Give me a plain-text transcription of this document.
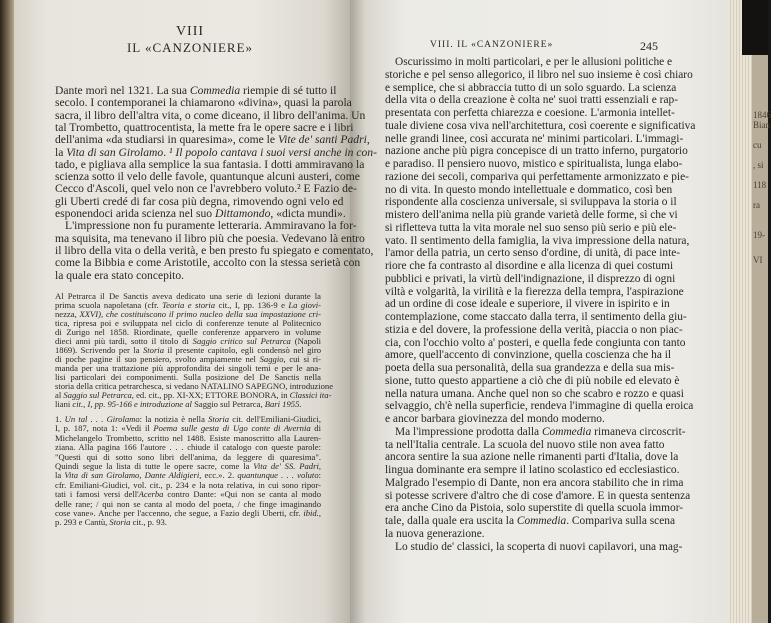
1846
Bian
cu
, si
118
ra
19-
VI
VIII
IL «CANZONIERE»	VIII. IL «CANZONIERE»	245
Dante morì nel 1321. La sua Commedia riempie di sé tutto il
secolo. I contemporanei la chiamarono «divina», quasi la parola
sacra, il libro dell'altra vita, o come diceano, il libro dell'anima. Un
tal Trombetto, quattrocentista, la mette fra le opere sacre e i libri
dell'anima «da studiarsi in quaresima», come le Vite de' santi Padri,
la Vita di san Girolamo. ¹ Il popolo cantava i suoi versi anche in con-
tado, e pigliava alla semplice la sua fantasia. I dotti ammiravano la
scienza sotto il velo delle favole, quantunque alcuni austeri, come
Cecco d'Ascoli, quel velo non ce l'avrebbero voluto.² E Fazio de-
gli Uberti credé di far cosa più degna, rimovendo ogni velo ed
esponendoci arida scienza nel suo Dittamondo, «dicta mundi».
L'impressione non fu puramente letteraria. Ammiravano la for-
ma squisita, ma tenevano il libro più che poesia. Vedevano là entro
il libro della vita o della verità, e ben presto fu spiegato e comentato,
come la Bibbia e come Aristotile, accolto con la stessa serietà con
la quale era stato concepito.
Al Petrarca il De Sanctis aveva dedicato una serie di lezioni durante la
prima scuola napoletana (cfr. Teoria e storia cit., I, pp. 136-9 e La giovi-
nezza, XXVI), che costituiscono il primo nucleo della sua impostazione cri-
tica, ripresa poi e sviluppata nel ciclo di conferenze tenute al Politecnico
di Zurigo nel 1858. Riordinate, quelle conferenze apparvero in volume
dieci anni più tardi, sotto il titolo di Saggio critico sul Petrarca (Napoli
1869). Scrivendo per la Storia il presente capitolo, egli condensò nel giro
di poche pagine il suo pensiero, svolto ampiamente nel Saggio, cui si ri-
manda per una trattazione più approfondita dei singoli temi e per le ana-
lisi particolari dei componimenti. Sulla posizione del De Sanctis nella
storia della critica petrarchesca, si vedano NATALINO SAPEGNO, introduzione
al Saggio sul Petrarca, ed. cit., pp. XI-XX; ETTORE BONORA, in Classici ita-
liani cit., I, pp. 95-166 e introduzione al Saggio sul Petrarca, Bari 1955.
1. Un tal . . . Girolamo: la notizia è nella Storia cit. dell'Emiliani-Giudici,
I, p. 187, nota 1: «Vedi il Poema sulle gesta di Ugo conte di Avernia di
Michelangelo Trombetto, scritto nel 1488. Esiste manoscritto alla Lauren-
ziana. Alla pagina 166 l'autore . . . chiude il catalogo con queste parole:
"Questi qui di sotto sono libri dell'anima, da leggere di quaresima".
Quindi segue la lista di tutte le opere sacre, come la Vita de' SS. Padri,
la Vita di san Girolamo, Dante Aldigieri, ecc.». 2. quantunque . . . voluto:
cfr. Emiliani-Giudici, vol. cit., p. 234 e la nota relativa, in cui sono ripor-
tati i famosi versi dell'Acerba contro Dante: «Qui non se canta al modo
delle rane; / qui non se canta al modo del poeta, / che finge imaginando
cose vane». Anche per l'accenno, che segue, a Fazio degli Uberti, cfr. ibid.,
p. 293 e Cantù, Storia cit., p. 93.
Oscurissimo in molti particolari, e per le allusioni politiche e
storiche e pel senso allegorico, il libro nel suo insieme è così chiaro
e semplice, che si abbraccia tutto di un solo sguardo. La scienza
della vita o della creazione è colta ne' suoi tratti essenziali e rap-
presentata con perfetta chiarezza e coesione. L'armonia intellet-
tuale diviene cosa viva nell'architettura, così coerente e significativa
nelle grandi linee, così accurata ne' minimi particolari. L'immagi-
nazione anche più pigra concepisce di un tratto inferno, purgatorio
e paradiso. Il pensiero nuovo, mistico e spiritualista, lunga elabo-
razione dei secoli, compariva qui perfettamente armonizzato e pie-
no di vita. In questo mondo intellettuale e dommatico, così ben
rispondente alla coscienza universale, si sviluppava la storia o il
mistero dell'anima nella più grande varietà delle forme, sì che vi
si rifletteva tutta la vita morale nel suo senso più serio e più ele-
vato. Il sentimento della famiglia, la viva impressione della natura,
l'amor della patria, un certo senso d'ordine, di unità, di pace inte-
riore che fa contrasto al disordine e alla licenza di quei costumi
pubblici e privati, la virtù dell'indignazione, il disprezzo di ogni
viltà e volgarità, la virilità e la fierezza della tempra, l'aspirazione
ad un ordine di cose ideale e superiore, il vivere in ispirito e in
contemplazione, come staccato dalla terra, il sentimento della giu-
stizia e del dovere, la professione della verità, piaccia o non piac-
cia, con l'occhio volto a' posteri, e quella fede congiunta con tanto
amore, quell'accento di convinzione, quella coscienza che ha il
poeta della sua personalità, della sua grandezza e della sua mis-
sione, tutto questo appartiene a ciò che di più nobile ed elevato è
nella natura umana. Anche quel non so che scabro e rozzo e quasi
selvaggio, ch'è nella superficie, rendeva l'immagine di quella eroica
e ancor barbara giovinezza del mondo moderno.
Ma l'impressione prodotta dalla Commedia rimaneva circoscrit-
ta nell'Italia centrale. La scuola del nuovo stile non avea fatto
ancora sentire la sua azione nelle rimanenti parti d'Italia, dove la
lingua dominante era sempre il latino scolastico ed ecclesiastico.
Malgrado l'esempio di Dante, non era ancora stabilito che in rima
si potesse scrivere d'altro che di cose d'amore. E in questa sentenza
era anche Cino da Pistoia, solo superstite di quella scuola immor-
tale, dalla quale era uscita la Commedia. Compariva sulla scena
la nuova generazione.
Lo studio de' classici, la scoperta di nuovi capilavori, una mag-
